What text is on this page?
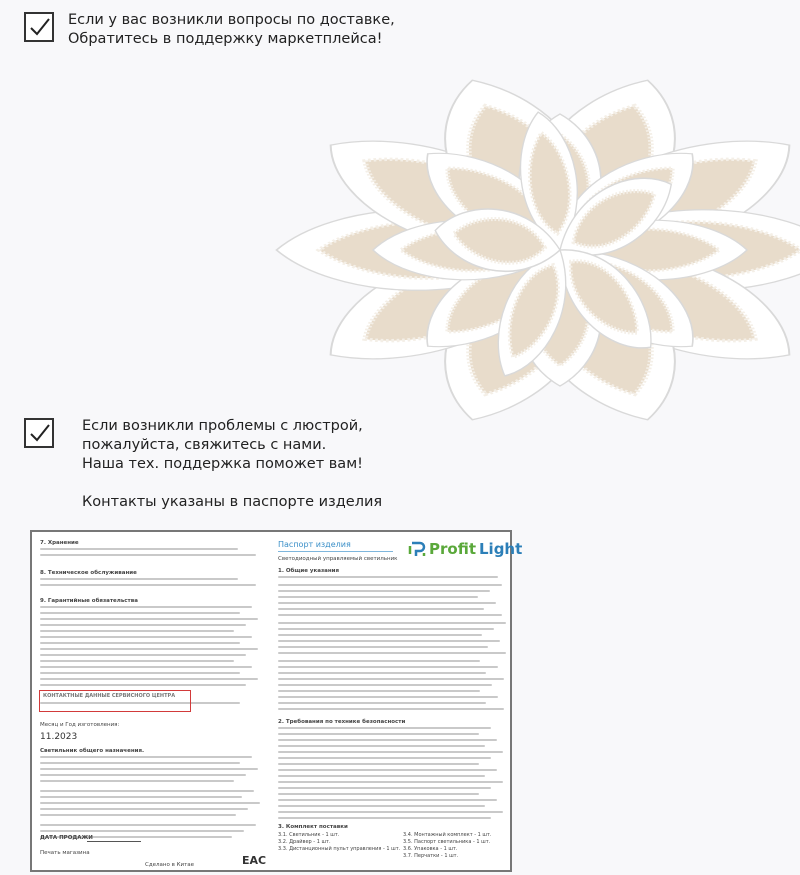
Если у вас возникли вопросы по доставке,
Обратитесь в поддержку маркетплейса!
Если возникли проблемы с люстрой,
пожалуйста, свяжитесь с нами.
Наша тех. поддержка поможет вам!
Контакты указаны в паспорте изделия
7. Хранение
8. Техническое обслуживание
9. Гарантийные обязательства
КОНТАКТНЫЕ ДАННЫЕ СЕРВИСНОГО ЦЕНТРА
Месяц и Год изготовления:
11.2023
Светильник общего назначения.
ДАТА ПРОДАЖИ
Печать магазина
Сделано в Китае	ЕАС
Паспорт изделия
Светодиодный управляемый светильник
Profit Light
1. Общие указания
2. Требования по технике безопасности
3. Комплект поставки
3.1. Светильник - 1 шт.	3.4. Монтажный комплект - 1 шт.
3.2. Драйвер - 1 шт.	3.5. Паспорт светильника - 1 шт.
3.3. Дистанционный пульт управления - 1 шт. 3.6. Упаковка - 1 шт.
3.7. Перчатки - 1 шт.
